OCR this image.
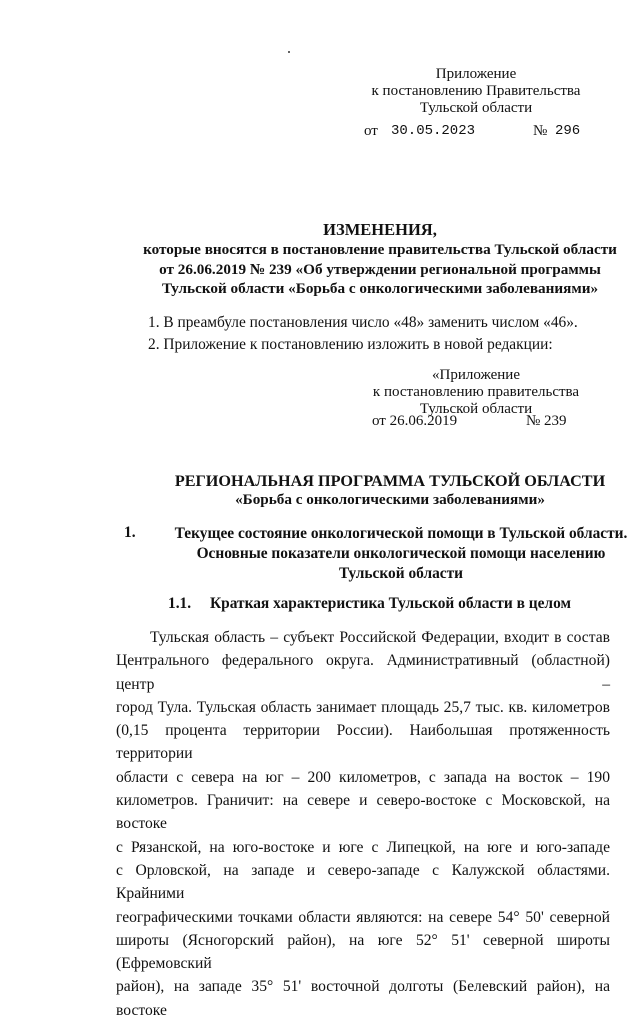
Приложение
к постановлению Правительства
Тульской области
от 30.05.2023	№ 296
ИЗМЕНЕНИЯ,
которые вносятся в постановление правительства Тульской области
от 26.06.2019 № 239 «Об утверждении региональной программы
Тульской области «Борьба с онкологическими заболеваниями»
1. В преамбуле постановления число «48» заменить числом «46».
2. Приложение к постановлению изложить в новой редакции:
«Приложение
к постановлению правительства
Тульской области
от 26.06.2019	№ 239
РЕГИОНАЛЬНАЯ ПРОГРАММА ТУЛЬСКОЙ ОБЛАСТИ
«Борьба с онкологическими заболеваниями»
1.	Текущее состояние онкологической помощи в Тульской области.
Основные показатели онкологической помощи населению
Тульской области
1.1. Краткая характеристика Тульской области в целом
Тульская область – субъект Российской Федерации, входит в состав
Центрального федерального округа. Административный (областной) центр –
город Тула. Тульская область занимает площадь 25,7 тыс. кв. километров
(0,15 процента территории России). Наибольшая протяженность территории
области с севера на юг – 200 километров, с запада на восток – 190
километров. Граничит: на севере и северо-востоке с Московской, на востоке
с Рязанской, на юго-востоке и юге с Липецкой, на юге и юго-западе
с Орловской, на западе и северо-западе с Калужской областями. Крайними
географическими точками области являются: на севере 54° 50' северной
широты (Ясногорский район), на юге 52° 51' северной широты (Ефремовский
район), на западе 35° 51' восточной долготы (Белевский район), на востоке
